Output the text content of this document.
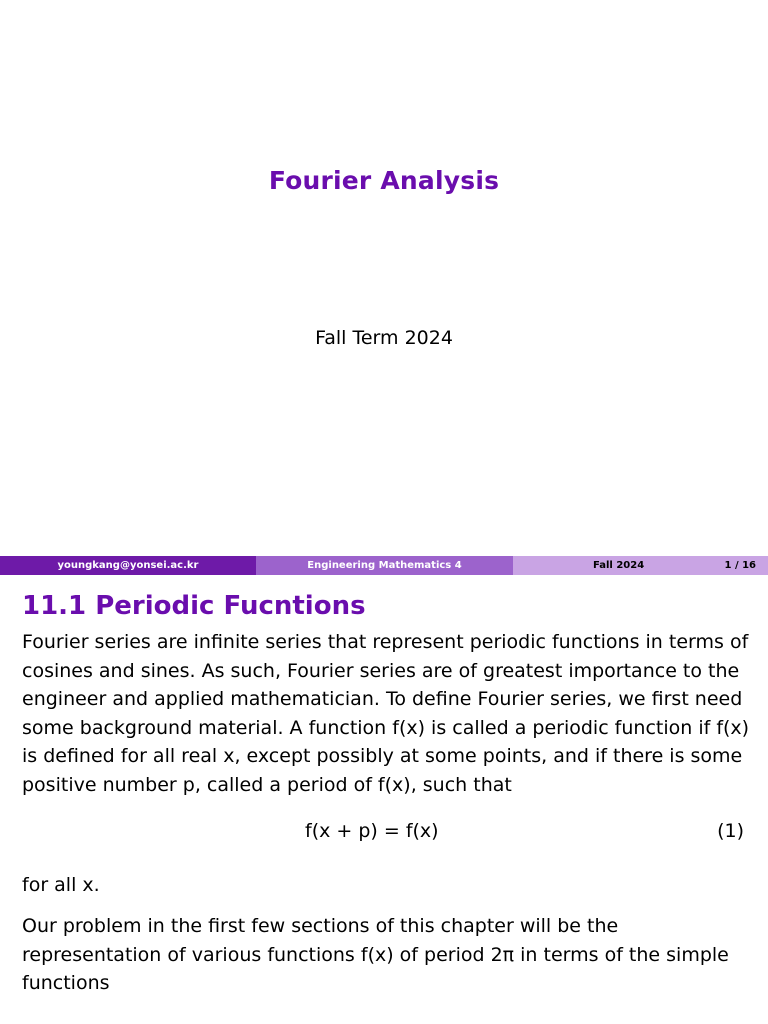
Fourier Analysis
Fall Term 2024
youngkang@yonsei.ac.kr	Engineering Mathematics 4	Fall 2024	1 / 16
11.1 Periodic Fucntions
Fourier series are infinite series that represent periodic functions in terms of cosines and sines. As such, Fourier series are of greatest importance to the engineer and applied mathematician. To define Fourier series, we first need some background material. A function f(x) is called a periodic function if f(x) is defined for all real x, except possibly at some points, and if there is some positive number p, called a period of f(x), such that
f(x + p) = f(x)	(1)
for all x.
Our problem in the first few sections of this chapter will be the representation of various functions f(x) of period 2π in terms of the simple functions
